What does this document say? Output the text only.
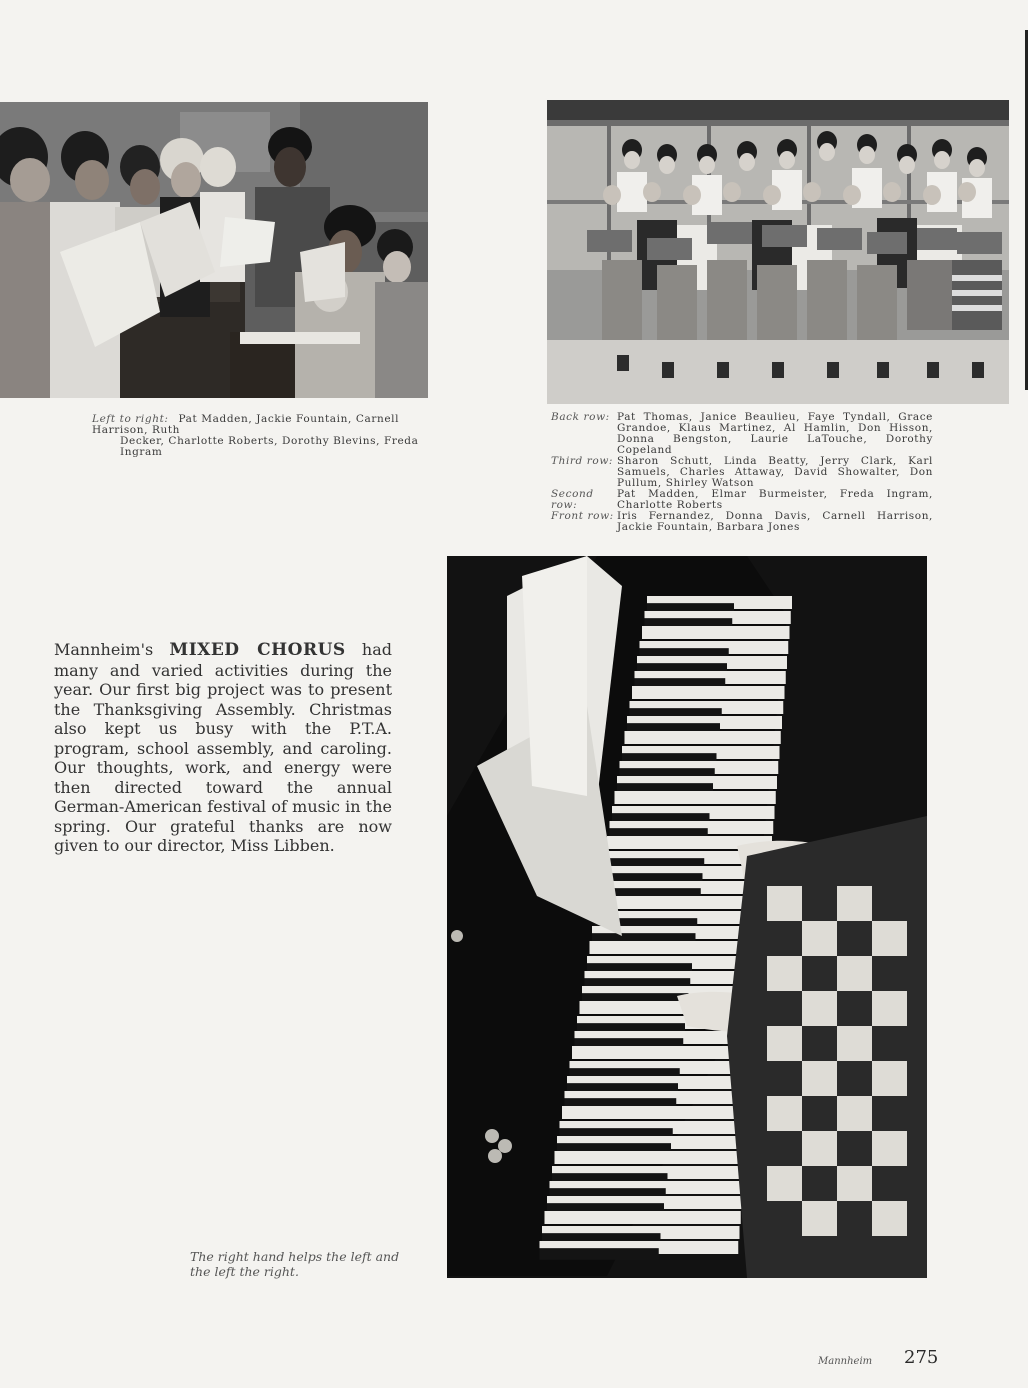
Left to right: Pat Madden, Jackie Fountain, Carnell Harrison, Ruth
Decker, Charlotte Roberts, Dorothy Blevins, Freda Ingram
Back row: Pat Thomas, Janice Beaulieu, Faye Tyndall, Grace Grandoe, Klaus Martinez, Al Hamlin, Don Hisson, Donna Bengston, Laurie LaTouche, Dorothy Copeland
Third row: Sharon Schutt, Linda Beatty, Jerry Clark, Karl Samuels, Charles Attaway, David Showalter, Don Pullum, Shirley Watson
Second row:
Pat Madden, Elmar Burmeister, Freda Ingram, Charlotte Roberts
Front row: Iris Fernandez, Donna Davis, Carnell Harrison, Jackie Fountain, Barbara Jones
Mannheim's MIXED CHORUS had many and varied activities during the year. Our first big project was to present the Thanksgiving Assembly. Christmas also kept us busy with the P.T.A. program, school assembly, and caroling. Our thoughts, work, and energy were then directed toward the annual German-American festival of music in the spring. Our grateful thanks are now given to our director, Miss Libben.
The right hand helps the left and
the left the right.
Mannheim 275
